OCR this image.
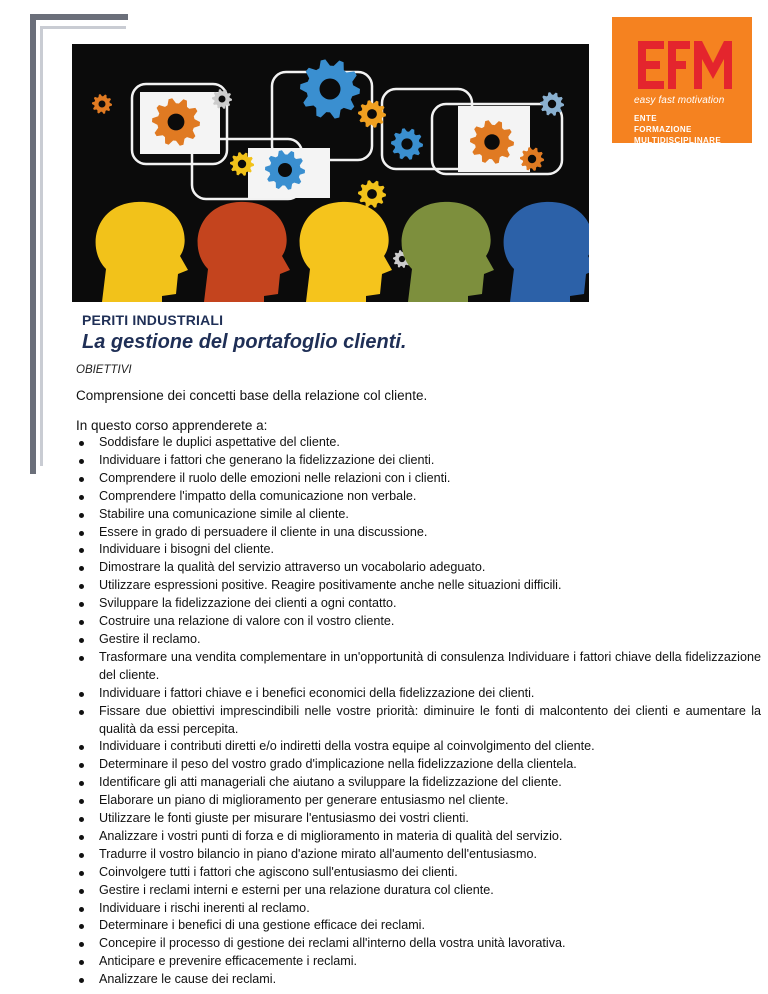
easy fast motivation
ENTE
FORMAZIONE
MULTIDISCIPLINARE
PERITI INDUSTRIALI
La gestione del portafoglio clienti.
OBIETTIVI
Comprensione dei concetti base della relazione col cliente.
In questo corso apprenderete a:
Soddisfare le duplici aspettative del cliente.
Individuare i fattori che generano la fidelizzazione dei clienti.
Comprendere il ruolo delle emozioni nelle relazioni con i clienti.
Comprendere l'impatto della comunicazione non verbale.
Stabilire una comunicazione simile al cliente.
Essere in grado di persuadere il cliente in una discussione.
Individuare i bisogni del cliente.
Dimostrare la qualità del servizio attraverso un vocabolario adeguato.
Utilizzare espressioni positive. Reagire positivamente anche nelle situazioni difficili.
Sviluppare la fidelizzazione dei clienti a ogni contatto.
Costruire una relazione di valore con il vostro cliente.
Gestire il reclamo.
Trasformare una vendita complementare in un'opportunità di consulenza Individuare i fattori chiave della fidelizzazione del cliente.
Individuare i fattori chiave e i benefici economici della fidelizzazione dei clienti.
Fissare due obiettivi imprescindibili nelle vostre priorità: diminuire le fonti di malcontento dei clienti e aumentare la qualità da essi percepita.
Individuare i contributi diretti e/o indiretti della vostra equipe al coinvolgimento del cliente.
Determinare il peso del vostro grado d'implicazione nella fidelizzazione della clientela.
Identificare gli atti manageriali che aiutano a sviluppare la fidelizzazione del cliente.
Elaborare un piano di miglioramento per generare entusiasmo nel cliente.
Utilizzare le fonti giuste per misurare l'entusiasmo dei vostri clienti.
Analizzare i vostri punti di forza e di miglioramento in materia di qualità del servizio.
Tradurre il vostro bilancio in piano d'azione mirato all'aumento dell'entusiasmo.
Coinvolgere tutti i fattori che agiscono sull'entusiasmo dei clienti.
Gestire i reclami interni e esterni per una relazione duratura col cliente.
Individuare i rischi inerenti al reclamo.
Determinare i benefici di una gestione efficace dei reclami.
Concepire il processo di gestione dei reclami all'interno della vostra unità lavorativa.
Anticipare e prevenire efficacemente i reclami.
Analizzare le cause dei reclami.
